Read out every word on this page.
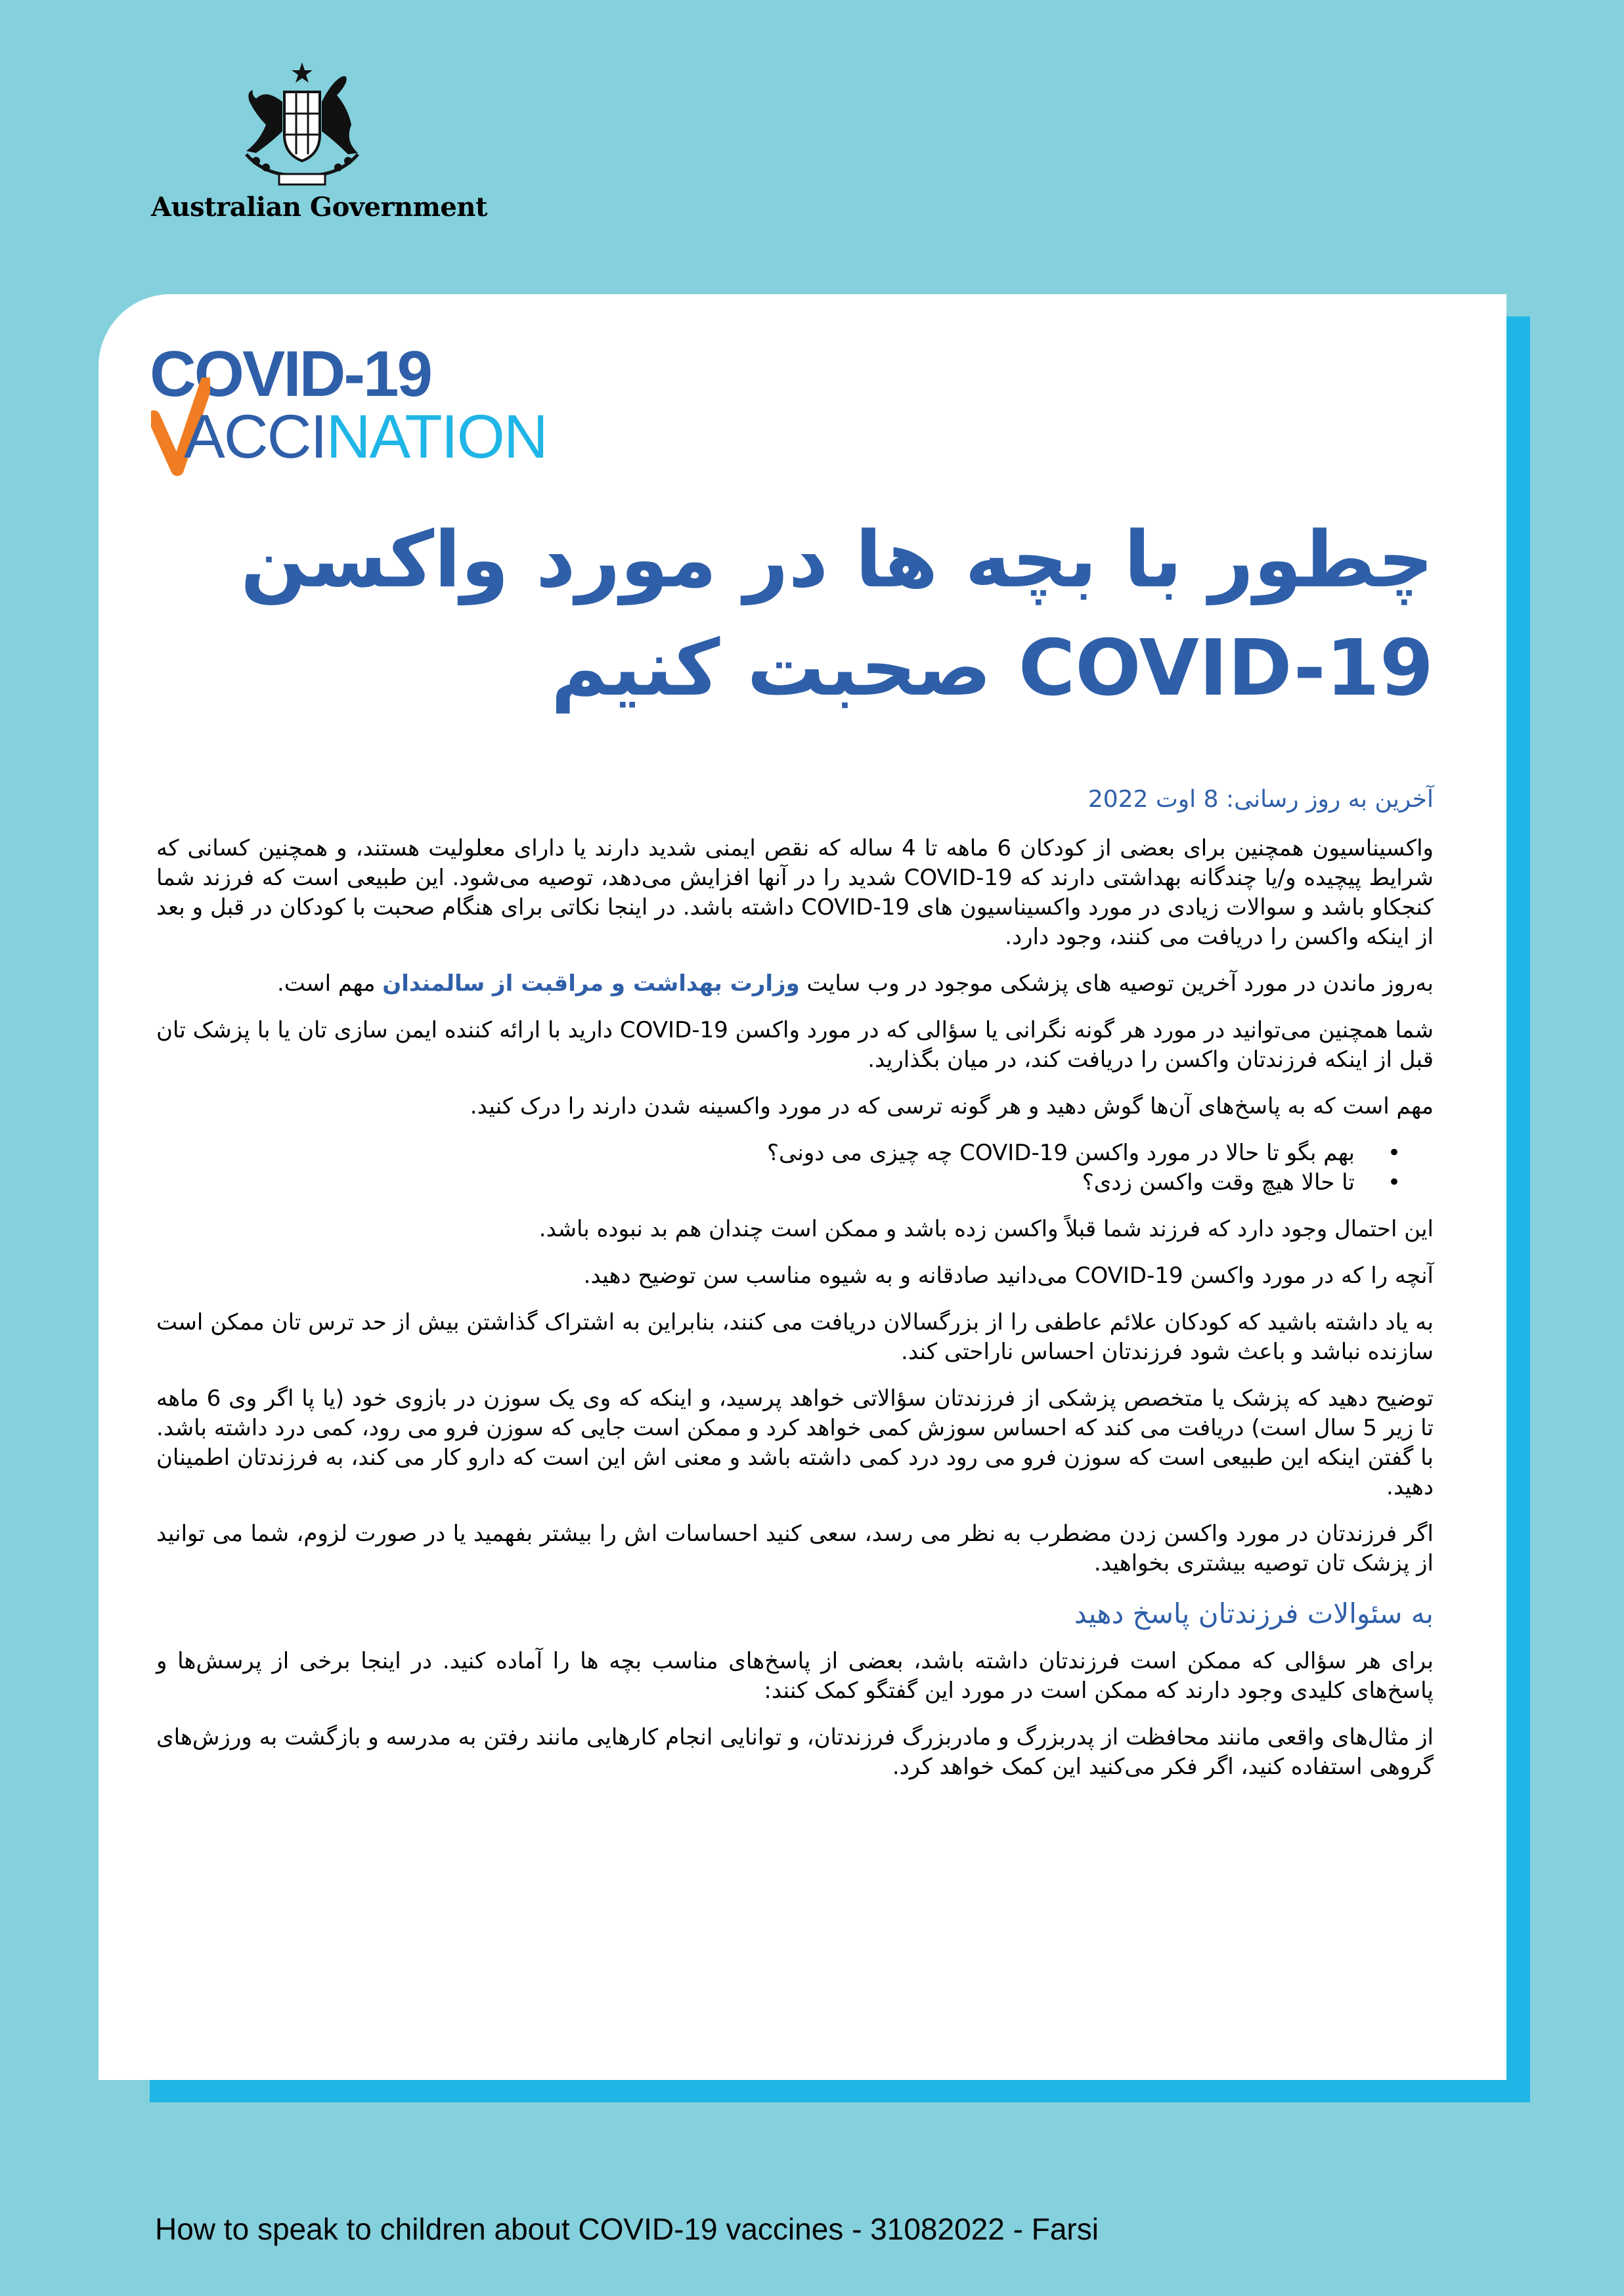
Australian Government
COVID-19
ACCINATION
چطور با بچه ها در مورد واکسن
COVID-19 صحبت کنیم

آخرین به روز رسانی: 8 اوت 2022

واکسیناسیون همچنین برای بعضی از کودکان 6 ماهه تا 4 ساله که نقص ایمنی شدید دارند یا دارای معلولیت هستند، و همچنین کسانی که شرایط پیچیده و/یا چندگانه بهداشتی دارند که COVID-19 شدید را در آنها افزایش می‌دهد، توصیه می‌شود. این طبیعی است که فرزند شما کنجکاو باشد و سوالات زیادی در مورد واکسیناسیون های COVID-19 داشته باشد. در اینجا نکاتی برای هنگام صحبت با کودکان در قبل و بعد از اینکه واکسن را دریافت می کنند، وجود دارد.

به‌روز ماندن در مورد آخرین توصیه های پزشکی موجود در وب سایت وزارت بهداشت و مراقبت از سالمندان مهم است.

شما همچنین می‌توانید در مورد هر گونه نگرانی یا سؤالی که در مورد واکسن COVID-19 دارید با ارائه کننده ایمن سازی تان یا با پزشک تان قبل از اینکه فرزندتان واکسن را دریافت کند، در میان بگذارید.

مهم است که به پاسخ‌های آن‌ها گوش دهید و هر گونه ترسی که در مورد واکسینه شدن دارند را درک کنید.

• بهم بگو تا حالا در مورد واکسن COVID-19 چه چیزی می دونی؟
• تا حالا هیچ وقت واکسن زدی؟

این احتمال وجود دارد که فرزند شما قبلاً واکسن زده باشد و ممکن است چندان هم بد نبوده باشد.

آنچه را که در مورد واکسن COVID-19 می‌دانید صادقانه و به شیوه مناسب سن توضیح دهید.

به یاد داشته باشید که کودکان علائم عاطفی را از بزرگسالان دریافت می کنند، بنابراین به اشتراک گذاشتن بیش از حد ترس تان ممکن است سازنده نباشد و باعث شود فرزندتان احساس ناراحتی کند.

توضیح دهید که پزشک یا متخصص پزشکی از فرزندتان سؤالاتی خواهد پرسید، و اینکه که وی یک سوزن در بازوی خود (یا پا اگر وی 6 ماهه تا زیر 5 سال است) دریافت می کند که احساس سوزش کمی خواهد کرد و ممکن است جایی که سوزن فرو می رود، کمی درد داشته باشد. با گفتن اینکه این طبیعی است که سوزن فرو می رود درد کمی داشته باشد و معنی اش این است که دارو کار می کند، به فرزندتان اطمینان دهید.

اگر فرزندتان در مورد واکسن زدن مضطرب به نظر می رسد، سعی کنید احساسات اش را بیشتر بفهمید یا در صورت لزوم، شما می توانید از پزشک تان توصیه بیشتری بخواهید.

به سئوالات فرزندتان پاسخ دهید

برای هر سؤالی که ممکن است فرزندتان داشته باشد، بعضی از پاسخ‌های مناسب بچه ها را آماده کنید. در اینجا برخی از پرسش‌ها و پاسخ‌های کلیدی وجود دارند که ممکن است در مورد این گفتگو کمک کنند:

از مثال‌های واقعی مانند محافظت از پدربزرگ و مادربزرگ فرزندتان، و توانایی انجام کارهایی مانند رفتن به مدرسه و بازگشت به ورزش‌های گروهی استفاده کنید، اگر فکر می‌کنید این کمک خواهد کرد.

How to speak to children about COVID-19 vaccines - 31082022 - Farsi
